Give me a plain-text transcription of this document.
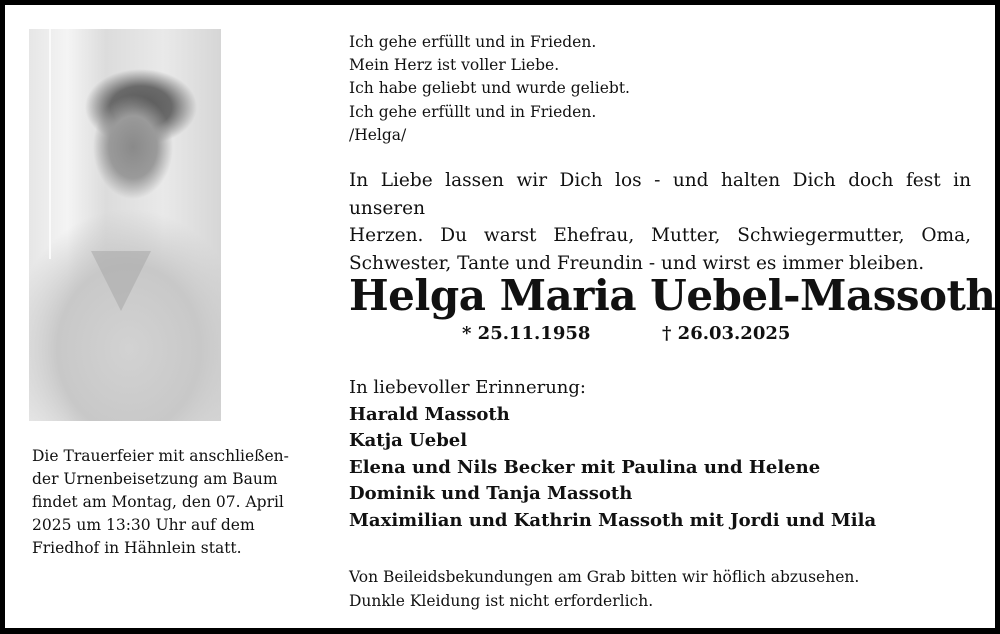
Die Trauerfeier mit anschließen-
der Urnenbeisetzung am Baum
findet am Montag, den 07. April
2025 um 13:30 Uhr auf dem
Friedhof in Hähnlein statt.
Ich gehe erfüllt und in Frieden.
Mein Herz ist voller Liebe.
Ich habe geliebt und wurde geliebt.
Ich gehe erfüllt und in Frieden.
/Helga/
In Liebe lassen wir Dich los - und halten Dich doch fest in unseren
Herzen. Du warst Ehefrau, Mutter, Schwiegermutter, Oma,
Schwester, Tante und Freundin - und wirst es immer bleiben.
Helga Maria Uebel-Massoth
* 25.11.1958	† 26.03.2025
In liebevoller Erinnerung:
Harald Massoth
Katja Uebel
Elena und Nils Becker mit Paulina und Helene
Dominik und Tanja Massoth
Maximilian und Kathrin Massoth mit Jordi und Mila
Von Beileidsbekundungen am Grab bitten wir höflich abzusehen.
Dunkle Kleidung ist nicht erforderlich.
